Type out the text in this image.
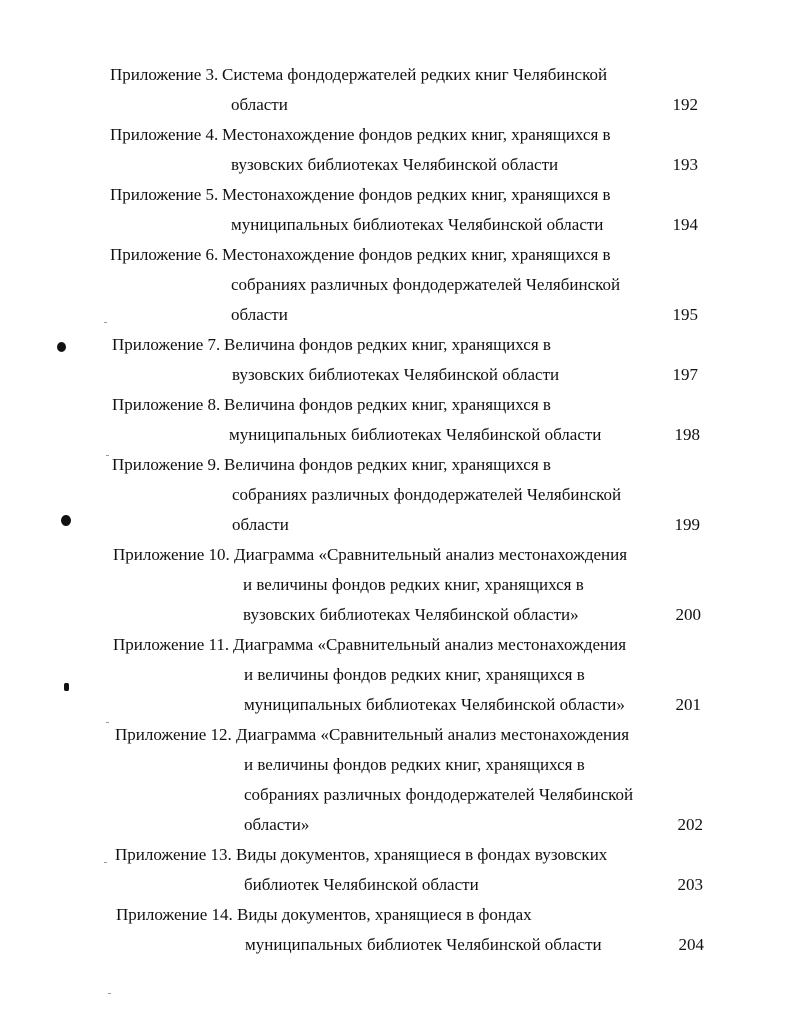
Приложение 3. Система фондодержателей редких книг Челябинской
области	192
Приложение 4. Местонахождение фондов редких книг, хранящихся в
вузовских библиотеках Челябинской области	193
Приложение 5. Местонахождение фондов редких книг, хранящихся в
муниципальных библиотеках Челябинской области	194
Приложение 6. Местонахождение фондов редких книг, хранящихся в
собраниях различных фондодержателей Челябинской
области	195
Приложение 7. Величина фондов редких книг, хранящихся в
вузовских библиотеках Челябинской области	197
Приложение 8. Величина фондов редких книг, хранящихся в
муниципальных библиотеках Челябинской области	198
Приложение 9. Величина фондов редких книг, хранящихся в
собраниях различных фондодержателей Челябинской
области	199
Приложение 10. Диаграмма «Сравнительный анализ местонахождения
и величины фондов редких книг, хранящихся в
вузовских библиотеках Челябинской области»	200
Приложение 11. Диаграмма «Сравнительный анализ местонахождения
и величины фондов редких книг, хранящихся в
муниципальных библиотеках Челябинской области»	201
Приложение 12. Диаграмма «Сравнительный анализ местонахождения
и величины фондов редких книг, хранящихся в
собраниях различных фондодержателей Челябинской
области»	202
Приложение 13. Виды документов, хранящиеся в фондах вузовских
библиотек Челябинской области	203
Приложение 14. Виды документов, хранящиеся в фондах
муниципальных библиотек Челябинской области	204
